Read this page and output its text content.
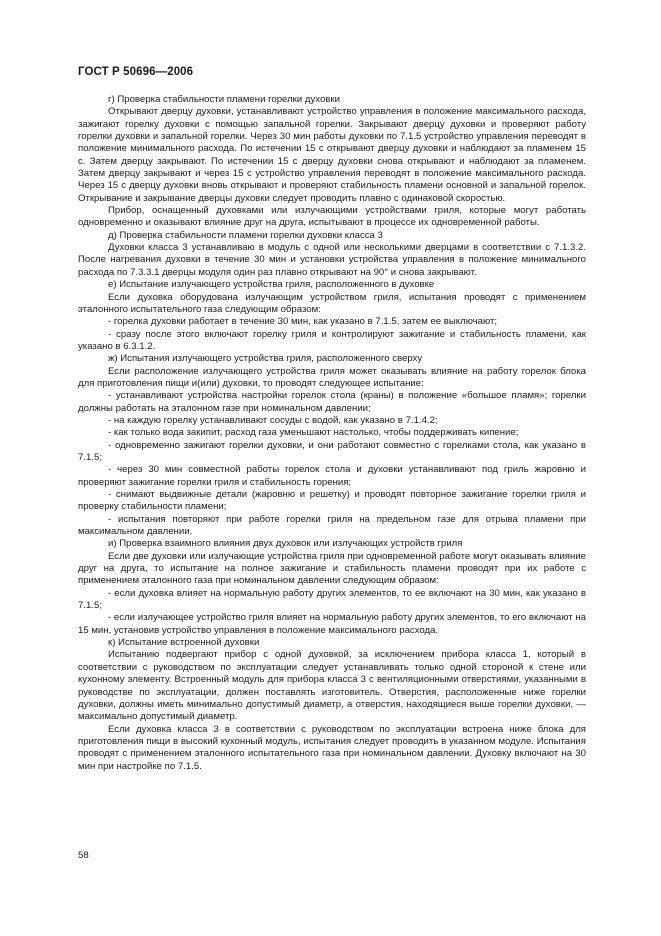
ГОСТ Р 50696—2006

г) Проверка стабильности пламени горелки духовки

Открывают дверцу духовки, устанавливают устройство управления в положение максимального расхода, зажигают горелку духовки с помощью запальной горелки. Закрывают дверцу духовки и проверяют работу горелки духовки и запальной горелки. Через 30 мин работы духовки по 7.1.5 устройство управления переводят в положение минимального расхода. По истечении 15 с открывают дверцу духовки и наблюдают за пламенем 15 с. Затем дверцу закрывают. По истечении 15 с дверцу духовки снова открывают и наблюдают за пламенем. Затем дверцу закрывают и через 15 с устройство управления переводят в положение максимального расхода. Через 15 с дверцу духовки вновь открывают и проверяют стабильность пламени основной и запальной горелок. Открывание и закрывание дверцы духовки следует проводить плавно с одинаковой скоростью.

Прибор, оснащенный духовками или излучающими устройствами гриля, которые могут работать одновременно и оказывают влияние друг на друга, испытывают в процессе их одновременной работы.

д) Проверка стабильности пламени горелки духовки класса 3

Духовки класса 3 устанавливаю в модуль с одной или несколькими дверцами в соответствии с 7.1.3.2. После нагревания духовки в течение 30 мин и установки устройства управления в положение минимального расхода по 7.3.3.1 дверцы модуля один раз плавно открывают на 90° и снова закрывают.

е) Испытание излучающего устройства гриля, расположенного в духовке

Если духовка оборудована излучающим устройством гриля, испытания проводят с применением эталонного испытательного газа следующим образом:

- горелка духовки работает в течение 30 мин, как указано в 7.1.5, затем ее выключают;

- сразу после этого включают горелку гриля и контролируют зажигание и стабильность пламени, как указано в 6.3.1.2.

ж) Испытания излучающего устройства гриля, расположенного сверху

Если расположение излучающего устройства гриля может оказывать влияние на работу горелок блока для приготовления пищи и(или) духовки, то проводят следующее испытание:

- устанавливают устройства настройки горелок стола (краны) в положение «большое пламя»; горелки должны работать на эталонном газе при номинальном давлении;

- на каждую горелку устанавливают сосуды с водой, как указано в 7.1.4.2;

- как только вода закипит, расход газа уменьшают настолько, чтобы поддерживать кипение;

- одновременно зажигают горелки духовки, и они работают совместно с горелками стола, как указано в 7.1.5;

- через 30 мин совместной работы горелок стола и духовки устанавливают под гриль жаровню и проверяют зажигание горелки гриля и стабильность горения;

- снимают выдвижные детали (жаровню и решетку) и проводят повторное зажигание горелки гриля и проверку стабильности пламени;

- испытания повторяют при работе горелки гриля на предельном газе для отрыва пламени при максимальном давлении.

и) Проверка взаимного влияния двух духовок или излучающих устройств гриля

Если две духовки или излучающие устройства гриля при одновременной работе могут оказывать влияние друг на друга, то испытание на полное зажигание и стабильность пламени проводят при их работе с применением эталонного газа при номинальном давлении следующим образом:

- если духовка влияет на нормальную работу других элементов, то ее включают на 30 мин, как указано в 7.1.5;

- если излучающее устройство гриля влияет на нормальную работу других элементов, то его включают на 15 мин, установив устройство управления в положение максимального расхода.

к) Испытание встроенной духовки

Испытанию подвергают прибор с одной духовкой, за исключением прибора класса 1, который в соответствии с руководством по эксплуатации следует устанавливать только одной стороной к стене или кухонному элементу. Встроенный модуль для прибора класса 3 с вентиляционными отверстиями, указанными в руководстве по эксплуатации, должен поставлять изготовитель. Отверстия, расположенные ниже горелки духовки, должны иметь минимально допустимый диаметр, а отверстия, находящиеся выше горелки духовки, — максимально допустимый диаметр.

Если духовка класса 3 в соответствии с руководством по эксплуатации встроена ниже блока для приготовления пищи в высокий кухонный модуль, испытания следует проводить в указанном модуле. Испытания проводят с применением эталонного испытательного газа при номинальном давлении. Духовку включают на 30 мин при настройке по 7.1.5.

58
